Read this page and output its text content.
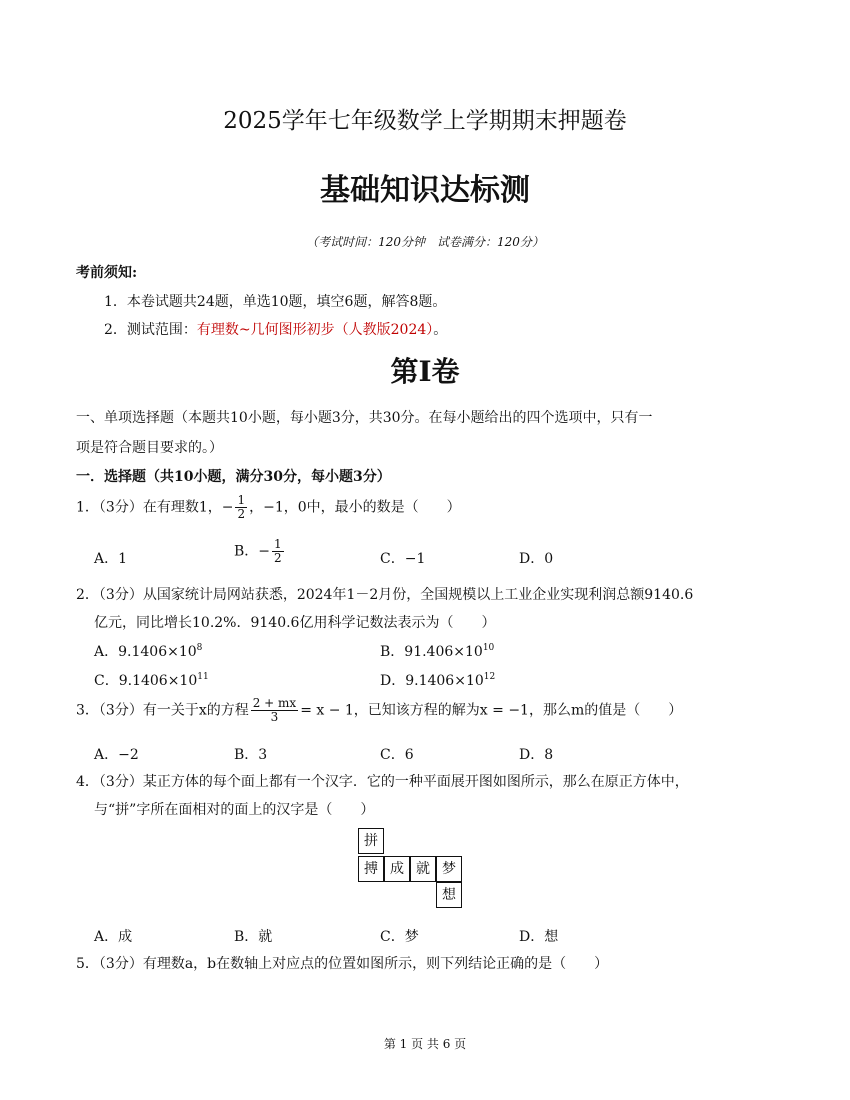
2025学年七年级数学上学期期末押题卷
基础知识达标测
（考试时间：120分钟　试卷满分：120分）
考前须知:
1．本卷试题共24题，单选10题，填空6题，解答8题。
2．测试范围：有理数~几何图形初步（人教版2024）。
第I卷
一、单项选择题（本题共10小题，每小题3分，共30分。在每小题给出的四个选项中，只有一
项是符合题目要求的。）
一．选择题（共10小题，满分30分，每小题3分）
1．（3分）在有理数1，− $\frac{1}{2}$ ，−1，0中，最小的数是（　　）
A．1	B．− $\frac{1}{2}$	C．−1	D．0
2．（3分）从国家统计局网站获悉，2024年1－2月份，全国规模以上工业企业实现利润总额9140.6
亿元，同比增长10.2%．9140.6亿用科学记数法表示为（　　）
A．$9.1406\times 10^8$	B．$91.406\times 10^{10}$
C．$9.1406\times 10^{11}$	D．$9.1406\times 10^{12}$
3．（3分）有一关于x的方程 $\frac{2 + mx}{3} = x - 1$，已知该方程的解为x = −1，那么m的值是（　　）
A．−2	B．3	C．6	D．8
4．（3分）某正方体的每个面上都有一个汉字．它的一种平面展开图如图所示，那么在原正方体中，
与“拼”字所在面相对的面上的汉字是（　　）
拼
搏 成 就 梦
想
A．成	B．就	C．梦	D．想
5．（3分）有理数a，b在数轴上对应点的位置如图所示，则下列结论正确的是（　　）
第 1 页 共 6 页
